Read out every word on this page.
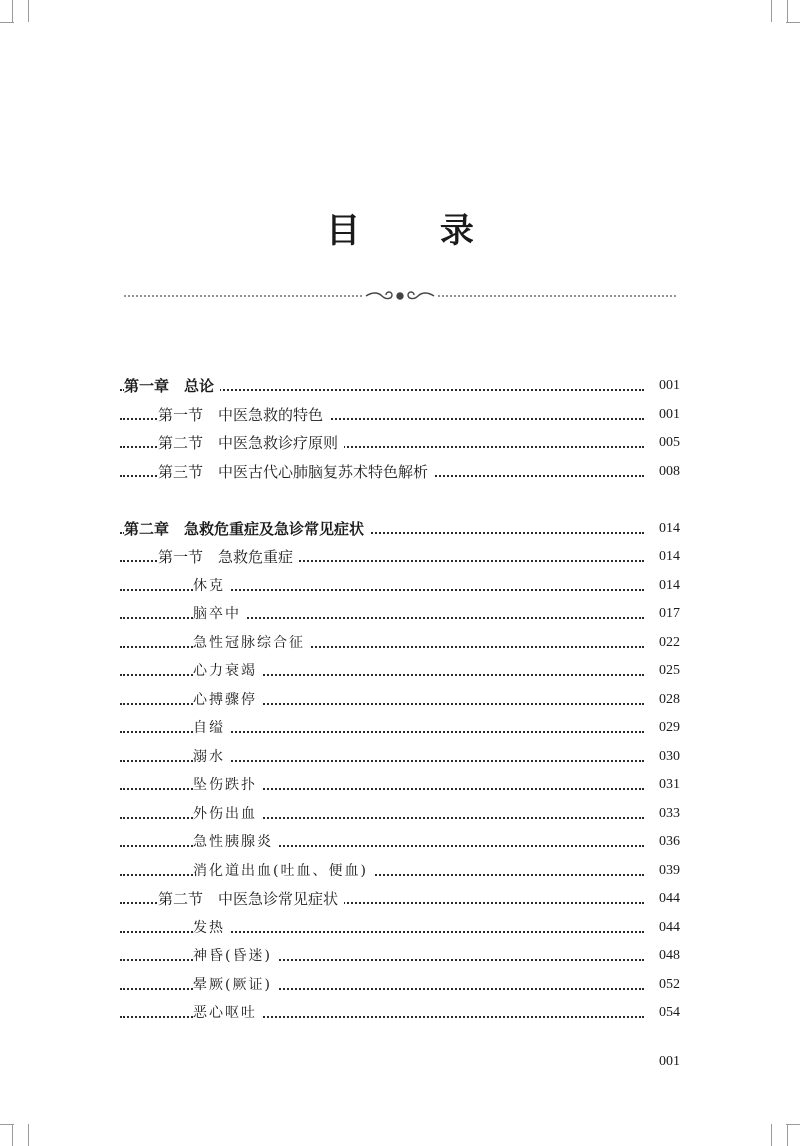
目 录
第一章　总论	001
第一节　中医急救的特色	001
第二节　中医急救诊疗原则	005
第三节　中医古代心肺脑复苏术特色解析	008
第二章　急救危重症及急诊常见症状	014
第一节　急救危重症	014
休克	014
脑卒中	017
急性冠脉综合征	022
心力衰竭	025
心搏骤停	028
自缢	029
溺水	030
坠伤跌扑	031
外伤出血	033
急性胰腺炎	036
消化道出血(吐血、便血)	039
第二节　中医急诊常见症状	044
发热	044
神昏(昏迷)	048
晕厥(厥证)	052
恶心呕吐	054
001
